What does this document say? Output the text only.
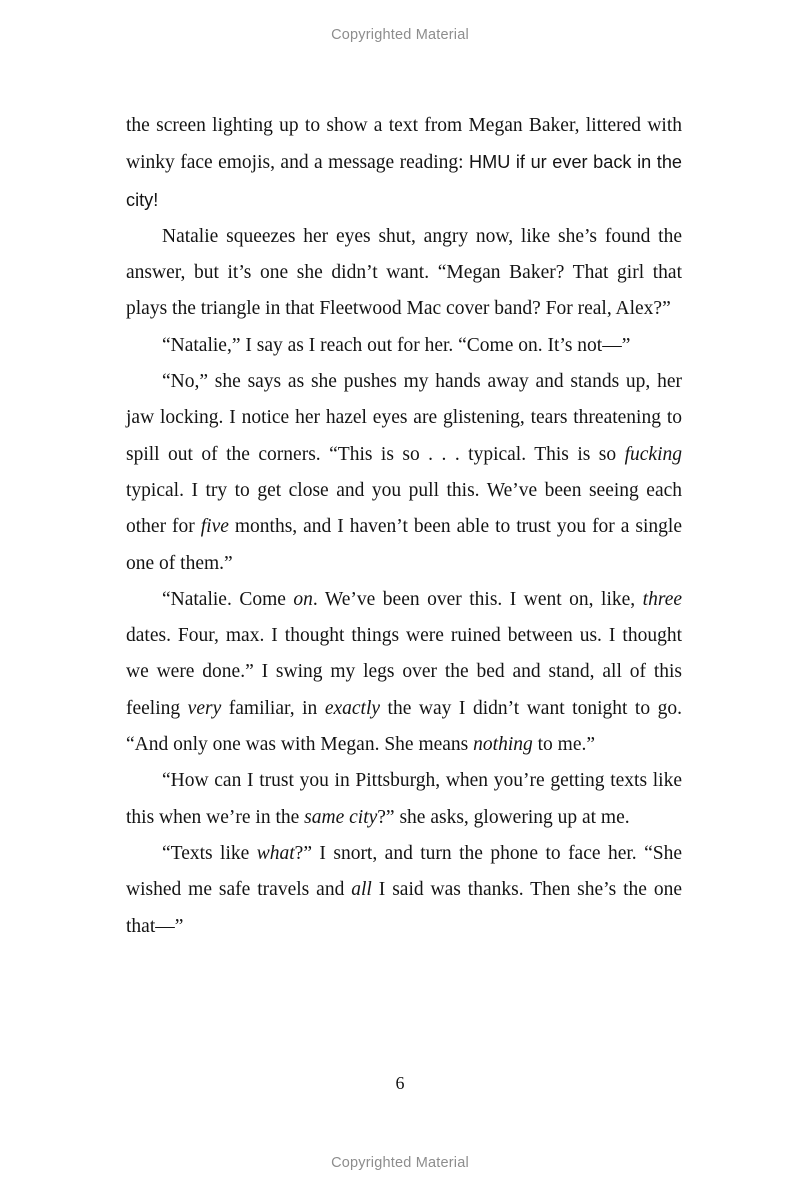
Copyrighted Material

the screen lighting up to show a text from Megan Baker, littered with winky face emojis, and a message reading: HMU if ur ever back in the city!

Natalie squeezes her eyes shut, angry now, like she’s found the answer, but it’s one she didn’t want. “Megan Baker? That girl that plays the triangle in that Fleetwood Mac cover band? For real, Alex?”

“Natalie,” I say as I reach out for her. “Come on. It’s not—”

“No,” she says as she pushes my hands away and stands up, her jaw locking. I notice her hazel eyes are glistening, tears threatening to spill out of the corners. “This is so . . . typical. This is so fucking typical. I try to get close and you pull this. We’ve been seeing each other for five months, and I haven’t been able to trust you for a single one of them.”

“Natalie. Come on. We’ve been over this. I went on, like, three dates. Four, max. I thought things were ruined between us. I thought we were done.” I swing my legs over the bed and stand, all of this feeling very familiar, in exactly the way I didn’t want tonight to go. “And only one was with Megan. She means nothing to me.”

“How can I trust you in Pittsburgh, when you’re getting texts like this when we’re in the same city?” she asks, glowering up at me.

“Texts like what?” I snort, and turn the phone to face her. “She wished me safe travels and all I said was thanks. Then she’s the one that—”

6
Copyrighted Material
